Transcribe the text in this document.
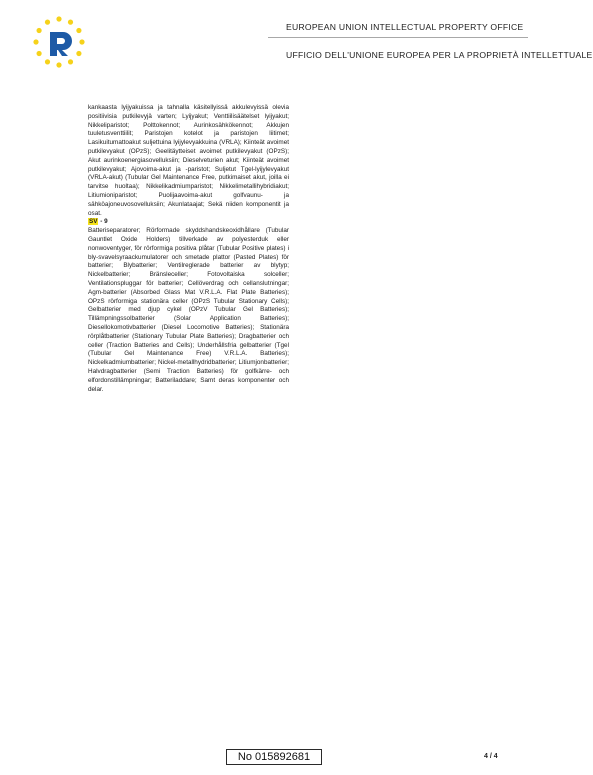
EUROPEAN UNION INTELLECTUAL PROPERTY OFFICE
UFFICIO DELL'UNIONE EUROPEA PER LA PROPRIETÀ INTELLETTUALE

kankaasta lyijyakuissa ja tahnalla käsitellyissä akkulevyissä olevia positiivisia putkilevyjä varten; Lyijyakut; Venttiilisäätelset lyijyakut; Nikkeliparistot; Polttokennot; Aurinkosähkökennot; Akkujen tuuletusventtiilit; Paristojen kotelot ja paristojen liitimet; Lasikuitumattoakut suljettuina lyijylevyakkuina (VRLA); Kiinteät avoimet putkilevyakut (OPzS); Geelitäytteiset avoimet putkilevyakut (OPzS); Akut aurinkoenergiasovelluksiin; Dieselveturien akut; Kiinteät avoimet putkilevyakut; Ajovoima-akut ja -paristot; Suljetut Tgel-lyijylevyakut (VRLA-akut) (Tubular Gel Maintenance Free, putkimaiset akut, joilla ei tarvitse huoltaa); Nikkelikadmiumparistot; Nikkelimetallihybridiakut; Litiumioniparistot; Puolijaavoima-akut golfvaunu- ja sähköajoneuvosovelluksiin; Akunlataajat; Sekä niiden komponentit ja osat.

SV - 9

Batteriseparatorer; Rörformade skyddshandskeoxidhållare (Tubular Gauntlet Oxide Holders) tillverkade av polyesterduk eller nonwoventyger, för rörformiga positiva plåtar (Tubular Positive plates) i bly-svavelsyraackumulatorer och smetade plattor (Pasted Plates) för batterier; Blybatterier; Ventilreglerade batterier av blytyp; Nickelbatterier; Bränsleceller; Fotovoltaiska solceller; Ventilationspluggar för batterier; Cellöverdrag och cellanslutningar; Agm-batterier (Absorbed Glass Mat V.R.L.A. Flat Plate Batteries); OPzS rörformiga stationära celler (OPzS Tubular Stationary Cells); Gelbatterier med djup cykel (OPzV Tubular Gel Batteries); Tillämpningssolbatterier (Solar Application Batteries); Diesellokomotivbatterier (Diesel Locomotive Batteries); Stationära rörplåtbatterier (Stationary Tubular Plate Batteries); Dragbatterier och celler (Traction Batteries and Cells); Underhållsfria gelbatterier (Tgel (Tubular Gel Maintenance Free) V.R.L.A. Batteries); Nickelkadmiumbatterier; Nickel-metallhydridbatterier; Litiumjonbatterier; Halvdragbatterier (Semi Traction Batteries) för golfkärre- och elfordonstillämpningar; Batteriladdare; Samt deras komponenter och delar.

No 015892681	4 / 4
